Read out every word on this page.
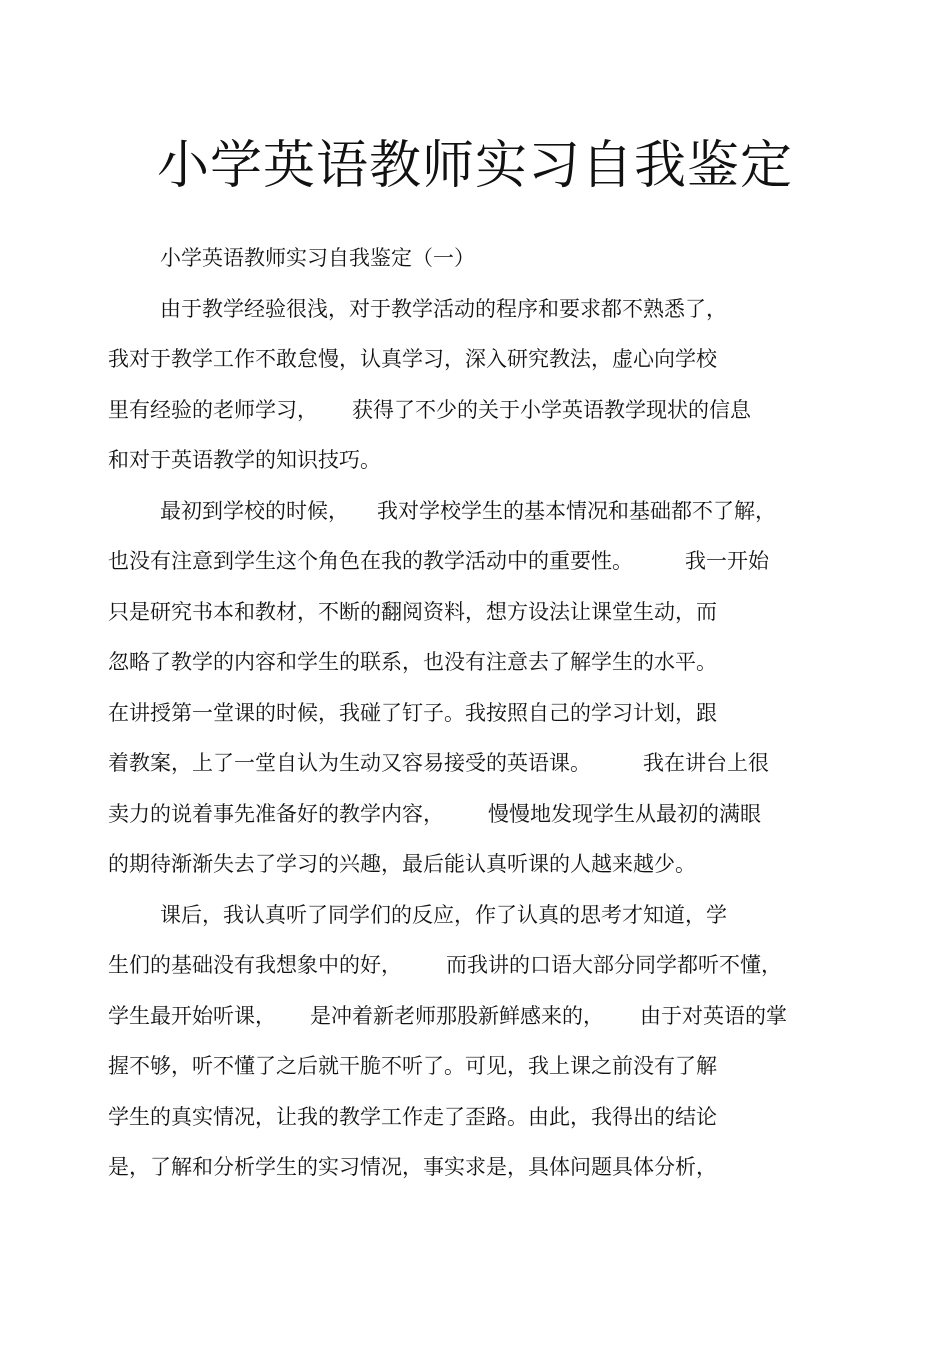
小学英语教师实习自我鉴定
小学英语教师实习自我鉴定（一）
由于教学经验很浅，对于教学活动的程序和要求都不熟悉了，
我对于教学工作不敢怠慢，认真学习，深入研究教法，虚心向学校
里有经验的老师学习， 获得了不少的关于小学英语教学现状的信息
和对于英语教学的知识技巧。
最初到学校的时候， 我对学校学生的基本情况和基础都不了解，
也没有注意到学生这个角色在我的教学活动中的重要性。 我一开始
只是研究书本和教材，不断的翻阅资料，想方设法让课堂生动，而
忽略了教学的内容和学生的联系，也没有注意去了解学生的水平。
在讲授第一堂课的时候，我碰了钉子。我按照自己的学习计划，跟
着教案，上了一堂自认为生动又容易接受的英语课。 我在讲台上很
卖力的说着事先准备好的教学内容， 慢慢地发现学生从最初的满眼
的期待渐渐失去了学习的兴趣，最后能认真听课的人越来越少。
课后，我认真听了同学们的反应，作了认真的思考才知道，学
生们的基础没有我想象中的好， 而我讲的口语大部分同学都听不懂，
学生最开始听课， 是冲着新老师那股新鲜感来的， 由于对英语的掌
握不够，听不懂了之后就干脆不听了。可见，我上课之前没有了解
学生的真实情况，让我的教学工作走了歪路。由此，我得出的结论
是，了解和分析学生的实习情况，事实求是，具体问题具体分析，
